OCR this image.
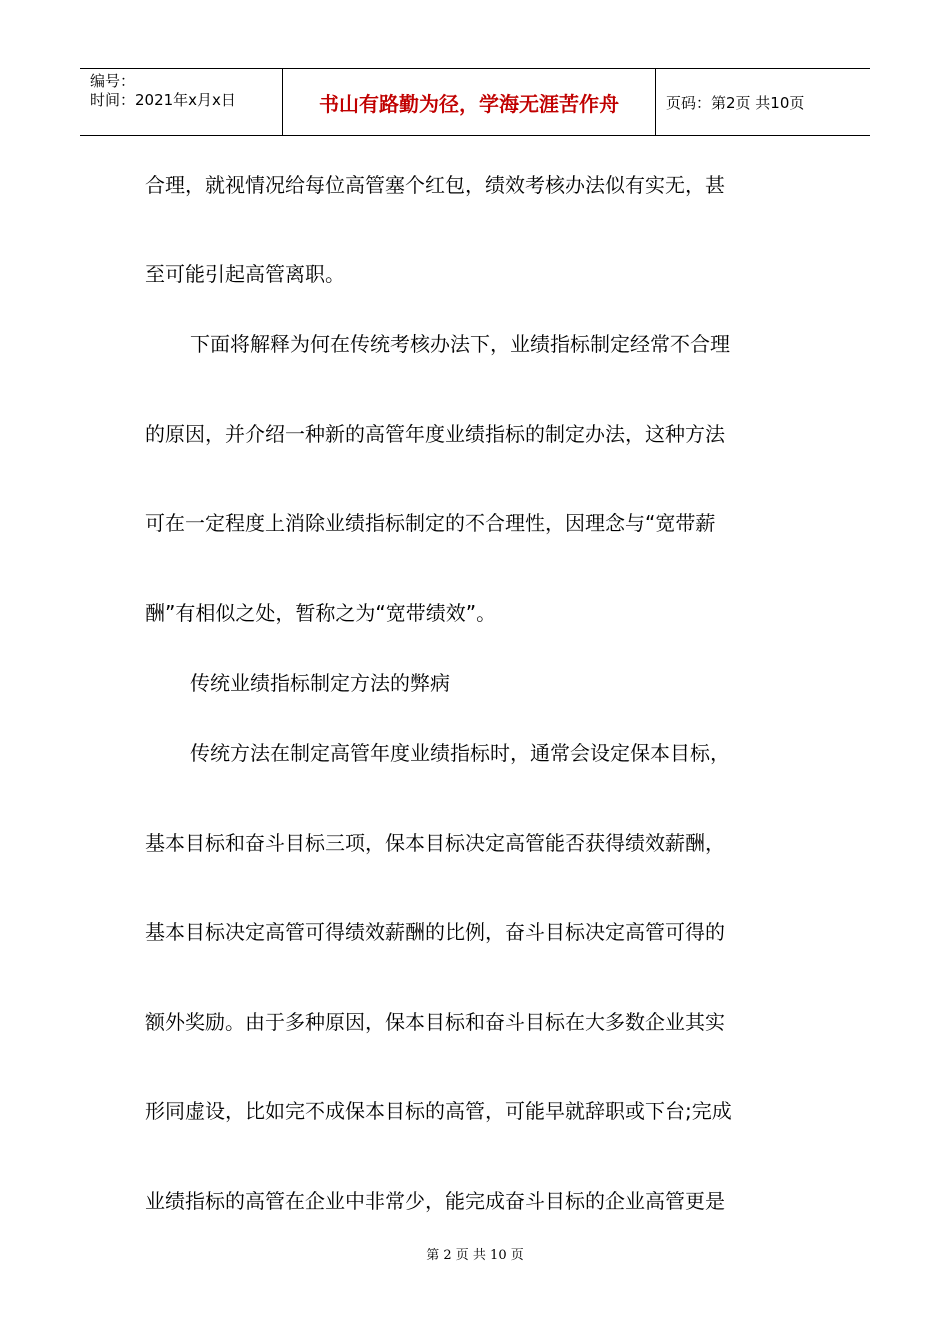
编号：
时间：2021年x月x日	书山有路勤为径，学海无涯苦作舟	页码：第2页 共10页
合理，就视情况给每位高管塞个红包，绩效考核办法似有实无，甚
至可能引起高管离职。
下面将解释为何在传统考核办法下，业绩指标制定经常不合理
的原因，并介绍一种新的高管年度业绩指标的制定办法，这种方法
可在一定程度上消除业绩指标制定的不合理性，因理念与“宽带薪
酬”有相似之处，暂称之为“宽带绩效”。
传统业绩指标制定方法的弊病
传统方法在制定高管年度业绩指标时，通常会设定保本目标，
基本目标和奋斗目标三项，保本目标决定高管能否获得绩效薪酬，
基本目标决定高管可得绩效薪酬的比例，奋斗目标决定高管可得的
额外奖励。由于多种原因，保本目标和奋斗目标在大多数企业其实
形同虚设，比如完不成保本目标的高管，可能早就辞职或下台;完成
业绩指标的高管在企业中非常少，能完成奋斗目标的企业高管更是
第 2 页 共 10 页
